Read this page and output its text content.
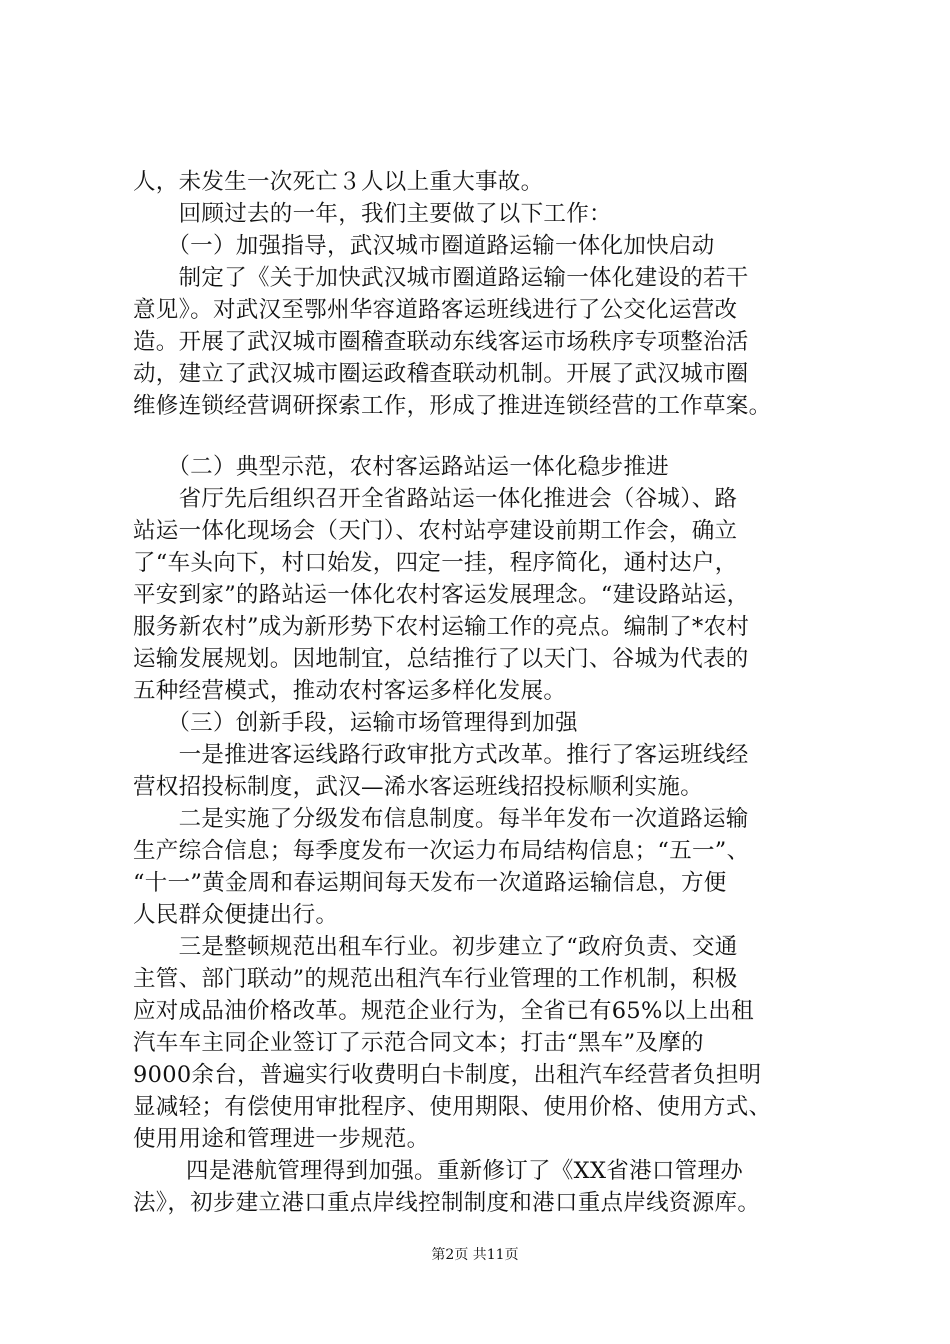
人，未发生一次死亡３人以上重大事故。
　　回顾过去的一年，我们主要做了以下工作：
　　（一）加强指导，武汉城市圈道路运输一体化加快启动
　　制定了《关于加快武汉城市圈道路运输一体化建设的若干
意见》。对武汉至鄂州华容道路客运班线进行了公交化运营改
造。开展了武汉城市圈稽查联动东线客运市场秩序专项整治活
动，建立了武汉城市圈运政稽查联动机制。开展了武汉城市圈
维修连锁经营调研探索工作，形成了推进连锁经营的工作草案。
　　（二）典型示范，农村客运路站运一体化稳步推进
　　省厅先后组织召开全省路站运一体化推进会（谷城）、路
站运一体化现场会（天门）、农村站亭建设前期工作会，确立
了“车头向下，村口始发，四定一挂，程序简化，通村达户，
平安到家”的路站运一体化农村客运发展理念。“建设路站运，
服务新农村”成为新形势下农村运输工作的亮点。编制了*农村
运输发展规划。因地制宜，总结推行了以天门、谷城为代表的
五种经营模式，推动农村客运多样化发展。
　　（三）创新手段，运输市场管理得到加强
　　一是推进客运线路行政审批方式改革。推行了客运班线经
营权招投标制度，武汉—浠水客运班线招投标顺利实施。
　　二是实施了分级发布信息制度。每半年发布一次道路运输
生产综合信息；每季度发布一次运力布局结构信息；“五一”、
“十一”黄金周和春运期间每天发布一次道路运输信息，方便
人民群众便捷出行。
　　三是整顿规范出租车行业。初步建立了“政府负责、交通
主管、部门联动”的规范出租汽车行业管理的工作机制，积极
应对成品油价格改革。规范企业行为，全省已有65%以上出租
汽车车主同企业签订了示范合同文本；打击“黑车”及摩的
9000余台，普遍实行收费明白卡制度，出租汽车经营者负担明
显减轻；有偿使用审批程序、使用期限、使用价格、使用方式、
使用用途和管理进一步规范。
　　 四是港航管理得到加强。重新修订了《XX省港口管理办
法》，初步建立港口重点岸线控制制度和港口重点岸线资源库。
第2页 共11页
